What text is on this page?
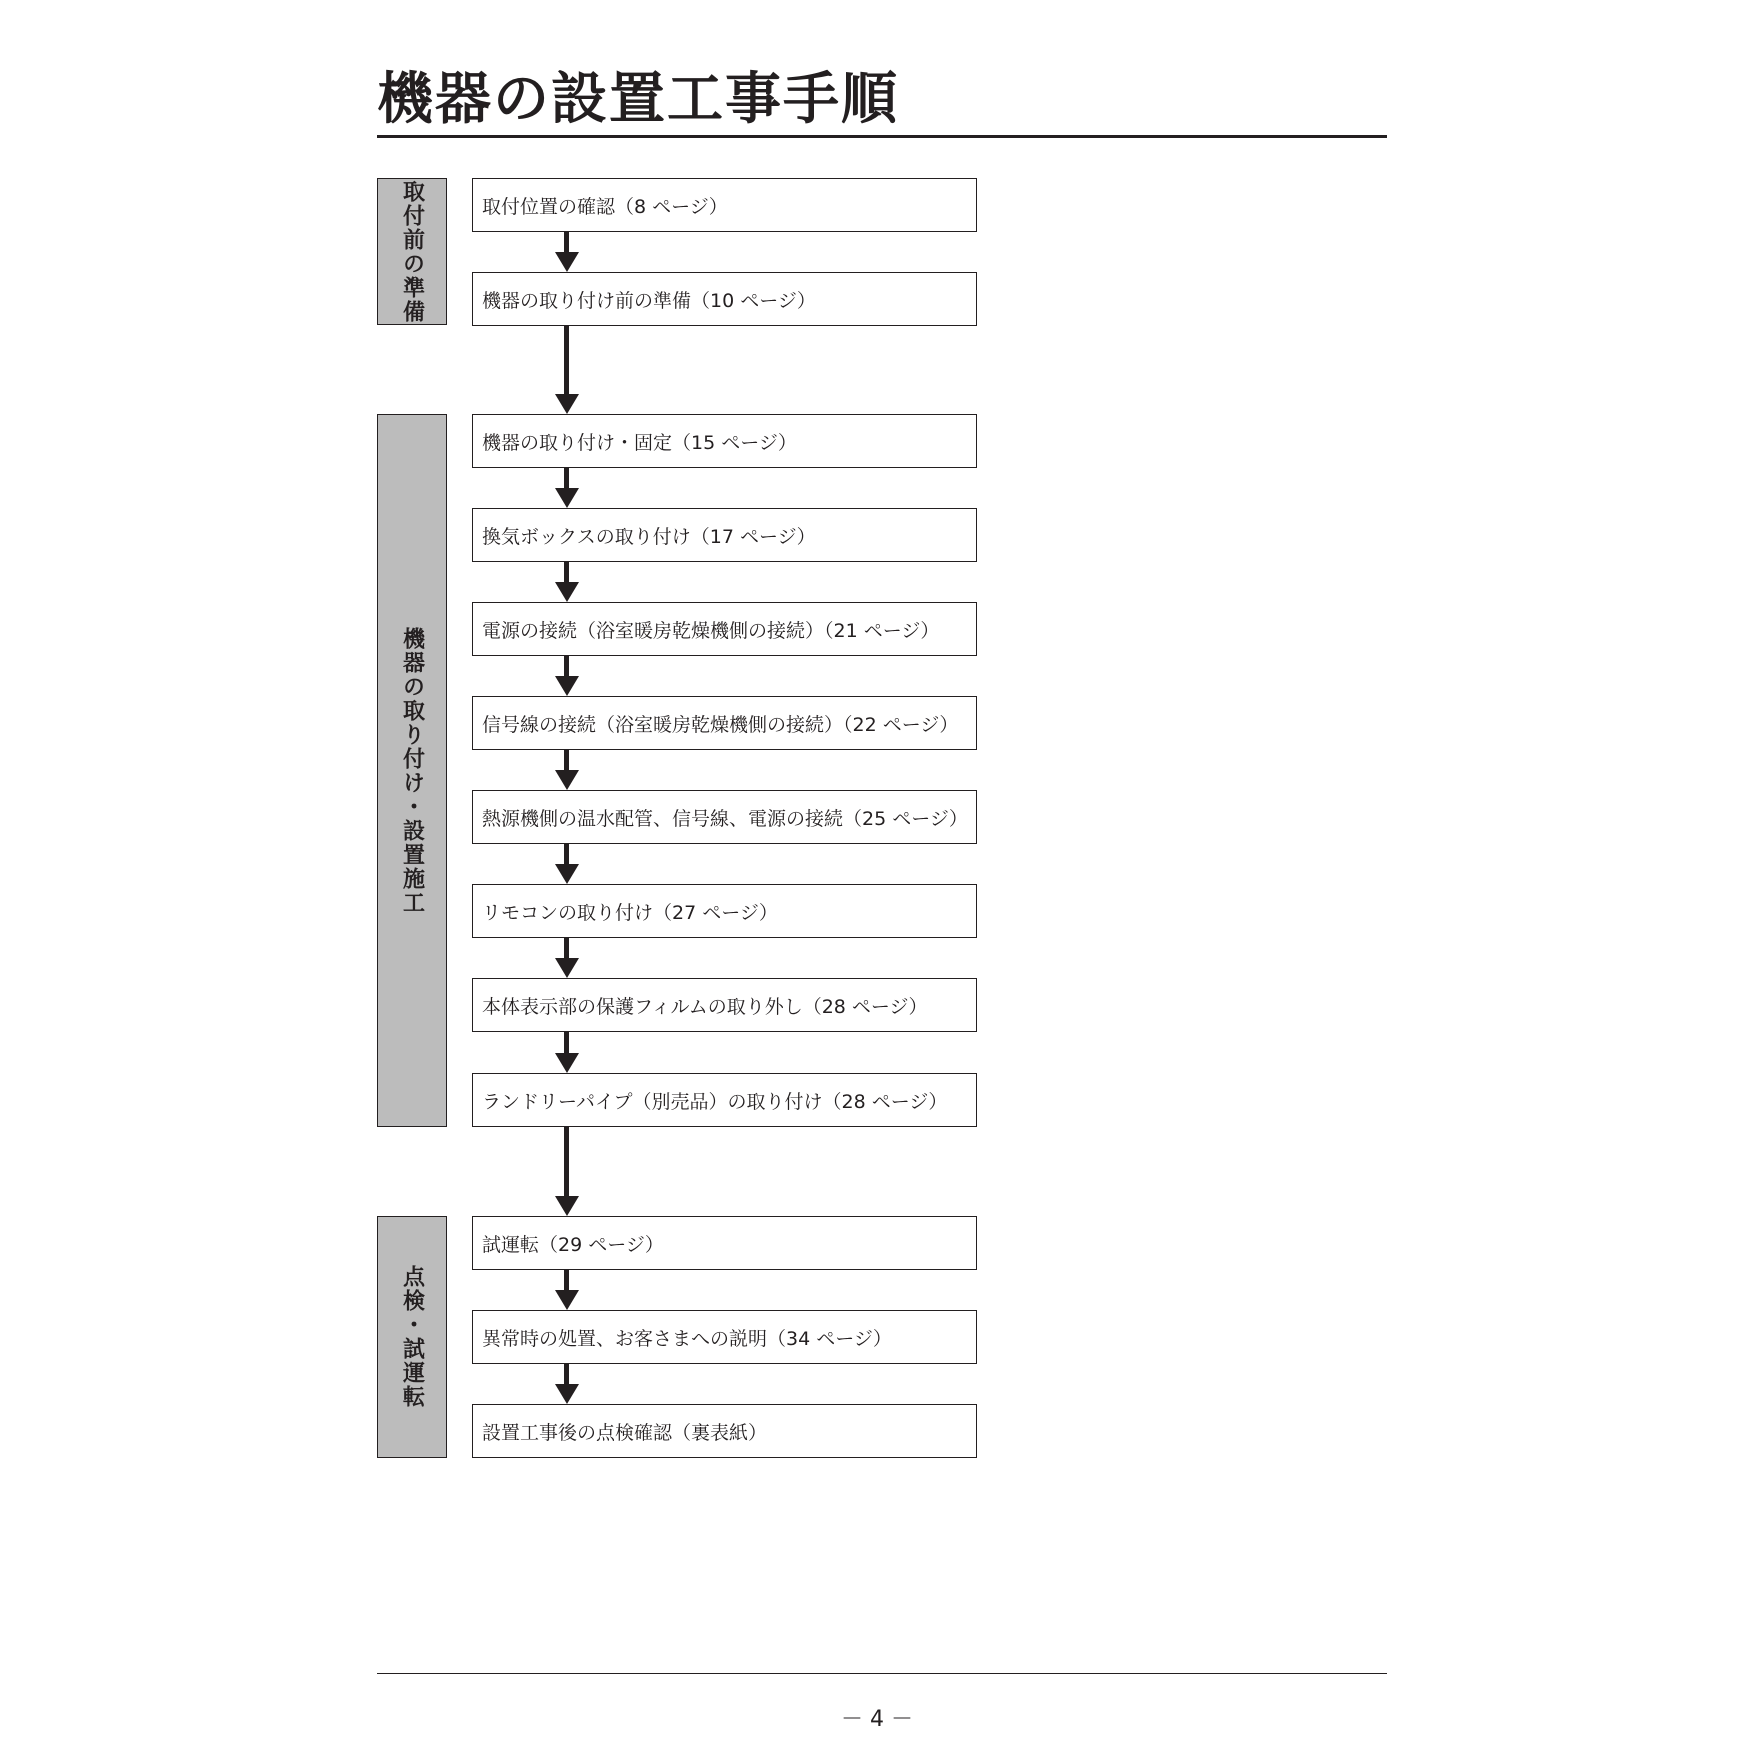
機器の設置工事手順
取付前の準備
機器の取り付け・設置施工
点検・試運転
取付位置の確認（8 ページ）
機器の取り付け前の準備（10 ページ）
機器の取り付け・固定（15 ページ）
換気ボックスの取り付け（17 ページ）
電源の接続（浴室暖房乾燥機側の接続）（21 ページ）
信号線の接続（浴室暖房乾燥機側の接続）（22 ページ）
熱源機側の温水配管、信号線、電源の接続（25 ページ）
リモコンの取り付け（27 ページ）
本体表示部の保護フィルムの取り外し（28 ページ）
ランドリーパイプ（別売品）の取り付け（28 ページ）
試運転（29 ページ）
異常時の処置、お客さまへの説明（34 ページ）
設置工事後の点検確認（裏表紙）
－ 4 －
